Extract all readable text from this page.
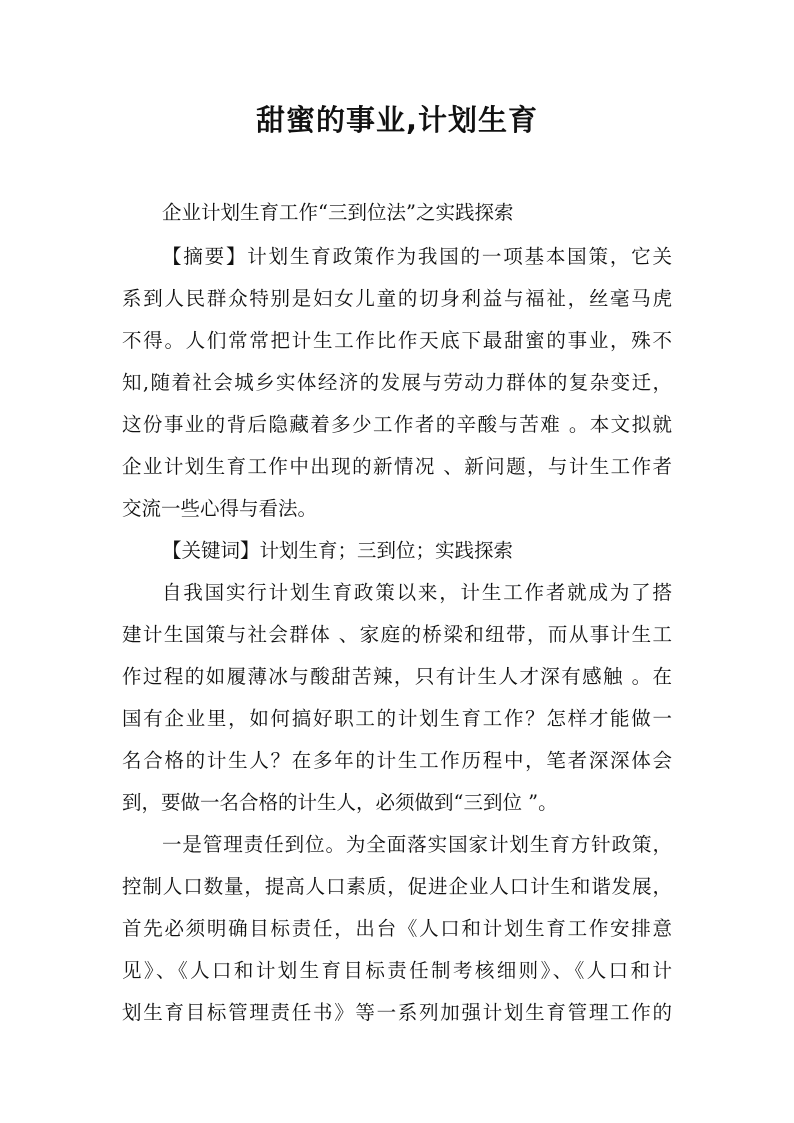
甜蜜的事业,计划生育

企业计划生育工作“三到位法”之实践探索

【摘要】计划生育政策作为我国的一项基本国策，它关

系到人民群众特别是妇女儿童的切身利益与福祉，丝毫马虎

不得。人们常常把计生工作比作天底下最甜蜜的事业，殊不

知,随着社会城乡实体经济的发展与劳动力群体的复杂变迁，

这份事业的背后隐藏着多少工作者的辛酸与苦难 。本文拟就

企业计划生育工作中出现的新情况 、新问题，与计生工作者

交流一些心得与看法。

【关键词】计划生育；三到位；实践探索

自我国实行计划生育政策以来，计生工作者就成为了搭

建计生国策与社会群体 、家庭的桥梁和纽带，而从事计生工

作过程的如履薄冰与酸甜苦辣，只有计生人才深有感触 。在

国有企业里，如何搞好职工的计划生育工作？怎样才能做一

名合格的计生人？在多年的计生工作历程中，笔者深深体会

到，要做一名合格的计生人，必须做到“三到位 ”。

一是管理责任到位。为全面落实国家计划生育方针政策，

控制人口数量，提高人口素质，促进企业人口计生和谐发展，

首先必须明确目标责任，出台《人口和计划生育工作安排意

见》、《人口和计划生育目标责任制考核细则》、《人口和计

划生育目标管理责任书》等一系列加强计划生育管理工作的
